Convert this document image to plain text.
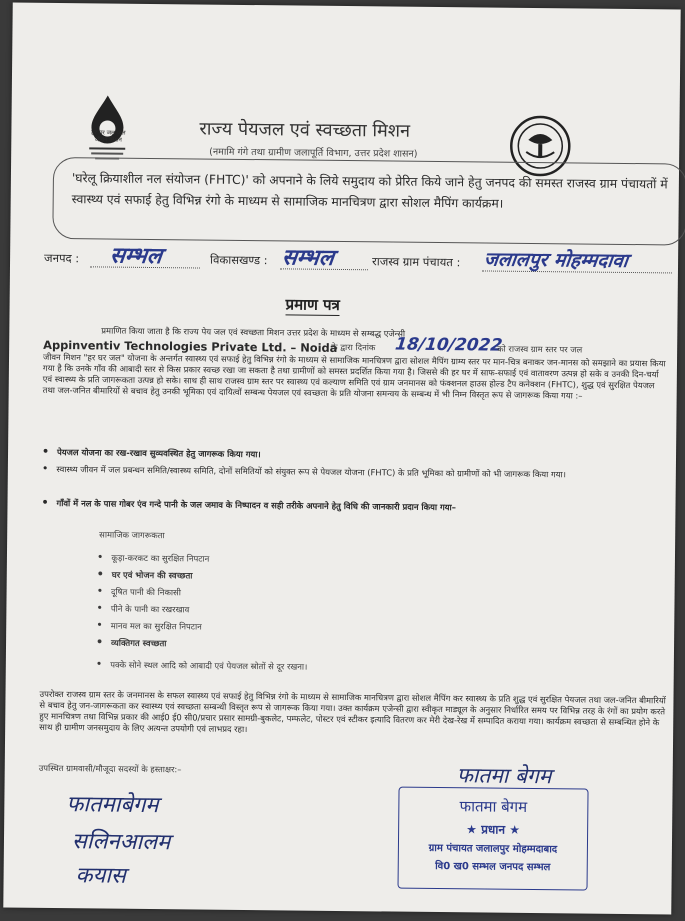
हर घर जल जल जीवन मिशन	राज्य पेयजल एवं स्वच्छता मिशन
(नमामि गंगे तथा ग्रामीण जलापूर्ति विभाग, उत्तर प्रदेश शासन)
'घरेलू क्रियाशील नल संयोजन (FHTC)' को अपनाने के लिये समुदाय को प्रेरित किये जाने हेतु जनपद की समस्त राजस्व ग्राम पंचायतों में स्वास्थ्य एवं सफाई हेतु विभिन्न रंगो के माध्यम से सामाजिक मानचित्रण द्वारा सोशल मैपिंग कार्यक्रम।
जनपद : सम्भल	विकासखण्ड : सम्भल	राजस्व ग्राम पंचायत : जलालपुर मोहम्मदावा
प्रमाण पत्र
प्रमाणित किया जाता है कि राज्य पेय जल एवं स्वच्छता मिशन उत्तर प्रदेश के माध्यम से सम्बद्ध एजेन्सी
Appinventiv Technologies Private Ltd. – Noida
के द्वारा दिनांक 18/10/2022
को राजस्व ग्राम स्तर पर जल
जीवन मिशन "हर घर जल" योजना के अन्तर्गत स्वास्थ्य एवं सफाई हेतु विभिन्न रंगो के माध्यम से सामाजिक मानचित्रण द्वारा सोशल मैपिंग ग्राम्य स्तर पर मान-चित्र बनाकर जन-मानस को समझाने का प्रयास किया गया है कि उनके गाँव की आबादी स्तर से किस प्रकार स्वच्छ रखा जा सकता है तथा ग्रामीणों को समस्त प्रदर्शित किया गया है। जिससे की हर घर में साफ-सफाई एवं वातावरण उत्पन्न हो सके व उनकी दिन-चर्या एवं स्वास्थ्य के प्रति जागरूकता उत्पन्न हो सके। साथ ही साथ राजस्व ग्राम स्तर पर स्वास्थ्य एवं कल्याण समिति एवं ग्राम जनमानस को फंक्शनल हाउस होल्ड टैप कनेक्शन (FHTC), शुद्ध एवं सुरक्षित पेयजल तथा जल-जनित बीमारियों से बचाव हेतु उनकी भूमिका एवं दायित्वों सम्बन्ध पेयजल एवं स्वच्छता के प्रति योजना समन्वय के सम्बन्ध में भी निम्न विस्तृत रूप से जागरूक किया गया :–
• पेयजल योजना का रख-रखाव सुव्यवस्थित हेतु जागरूक किया गया।
• स्वास्थ्य जीवन में जल प्रबन्धन समिति/स्वास्थ्य समिति, दोनों समितियों को संयुक्त रूप से पेयजल योजना (FHTC) के प्रति भूमिका को ग्रामीणों को भी जागरूक किया गया।
• गाँवों में नल के पास गोबर एंव गन्दे पानी के जल जमाव के निष्पादन व सही तरीके अपनाने हेतु विधि की जानकारी प्रदान किया गया–
सामाजिक जागरूकता
• कूड़ा-करकट का सुरक्षित निपटान
• घर एवं भोजन की स्वच्छता
• दूषित पानी की निकासी
• पीने के पानी का रखरखाव
• मानव मल का सुरक्षित निपटान
• व्यक्तिगत स्वच्छता
• पक्के सोने स्थल आदि को आबादी एवं पेयजल स्रोतों से दूर रखना।
उपरोक्त राजस्व ग्राम स्तर के जनमानस के सफल स्वास्थ्य एवं सफाई हेतु विभिन्न रंगो के माध्यम से सामाजिक मानचित्रण द्वारा सोशल मैपिंग कर स्वास्थ्य के प्रति शुद्ध एवं सुरक्षित पेयजल तथा जल-जनित बीमारियों से बचाव हेतु जन-जागरूकता कर स्वास्थ्य एवं स्वच्छता सम्बन्धी विस्तृत रूप से जागरूक किया गया। उक्त कार्यक्रम एजेन्सी द्वारा स्वीकृत माड्यूल के अनुसार निर्धारित समय पर विभिन्न तरह के रंगों का प्रयोग करते हुए मानचित्रण तथा विभिन्न प्रकार की आई0 ई0 सी0/प्रचार प्रसार सामग्री-बुकलेट, पम्फलेट, पोस्टर एवं स्टीकर इत्यादि वितरण कर मेरी देख-रेख में सम्पादित कराया गया। कार्यक्रम स्वच्छता से सम्बन्धित होने के साथ ही ग्रामीण जनसमुदाय के लिए अत्यन्त उपयोगी एवं लाभप्रद रहा।
उपस्थित ग्रामवासी/मौजूदा सदस्यों के हस्ताक्षर:–
फातमाबेगम
सलिनआलम
कयास
फातमा बेगम
फातमा बेगम
★ प्रधान ★
ग्राम पंचायत जलालपुर मोहम्मदाबाद
वि0 ख0 सम्भल जनपद सम्भल
